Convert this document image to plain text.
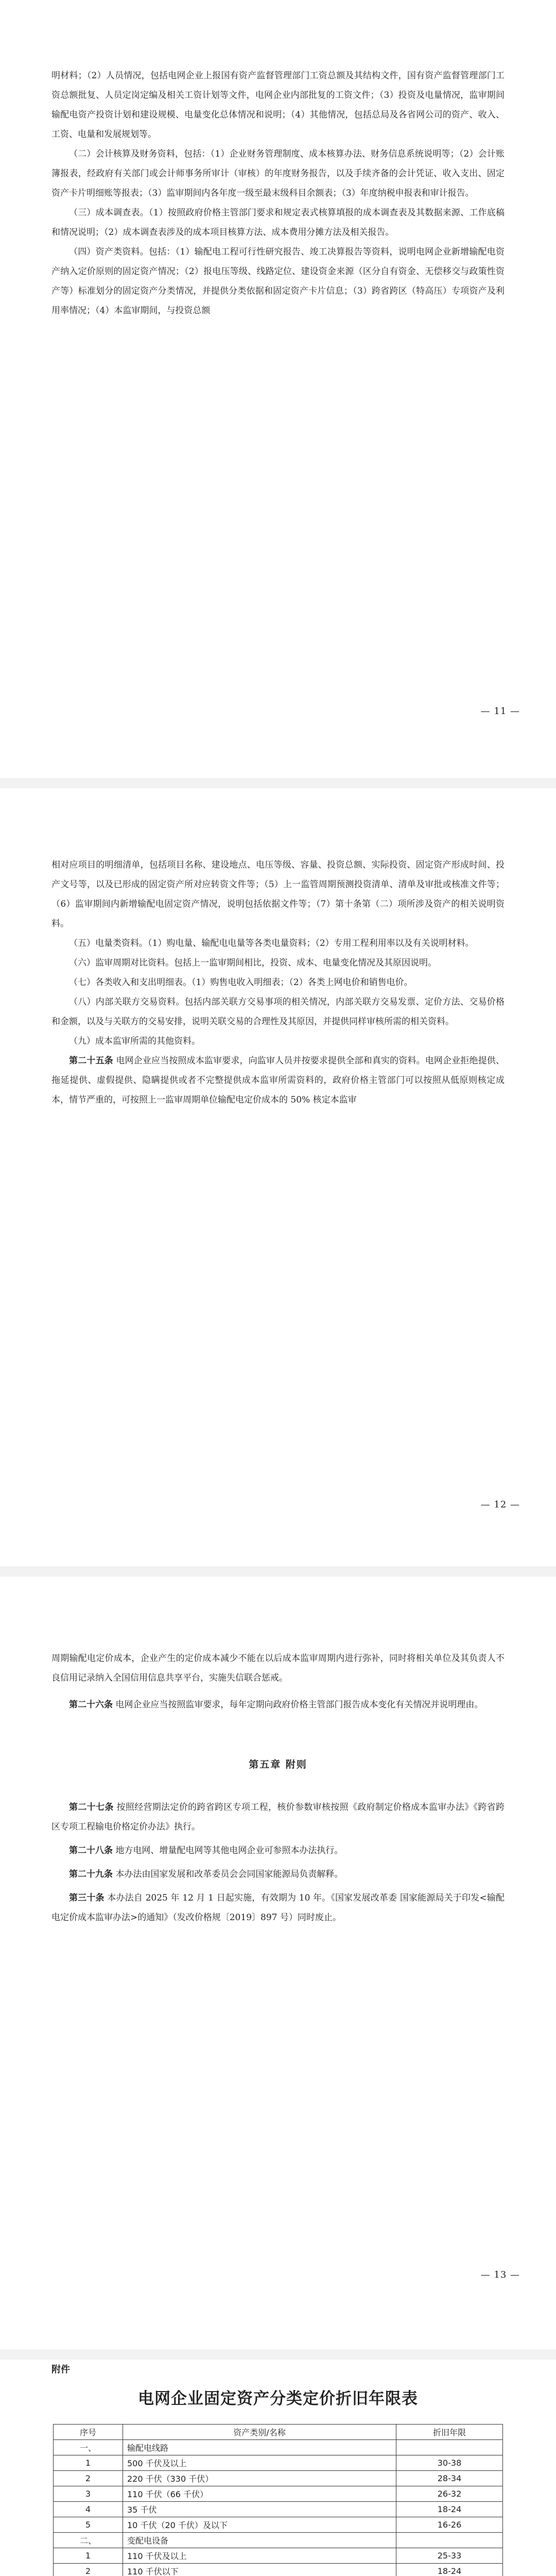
明材料；（2）人员情况，包括电网企业上报国有资产监督管理部门工资总额及其结构文件，国有资产监督管理部门工资总额批复、人员定岗定编及相关工资计划等文件，电网企业内部批复的工资文件；（3）投资及电量情况，监审期间输配电资产投资计划和建设规模、电量变化总体情况和说明；（4）其他情况，包括总局及各省网公司的资产、收入、工资、电量和发展规划等。

（二）会计核算及财务资料，包括：（1）企业财务管理制度、成本核算办法、财务信息系统说明等；（2）会计账簿报表，经政府有关部门或会计师事务所审计（审核）的年度财务报告，以及手续齐备的会计凭证、收入支出、固定资产卡片明细账等报表；（3）监审期间内各年度一级至最末级科目余额表；（3）年度纳税申报表和审计报告。

（三）成本调查表。（1）按照政府价格主管部门要求和规定表式核算填报的成本调查表及其数据来源、工作底稿和情况说明；（2）成本调查表涉及的成本项目核算方法、成本费用分摊方法及相关报告。

（四）资产类资料。包括：（1）输配电工程可行性研究报告、竣工决算报告等资料，说明电网企业新增输配电资产纳入定价原则的固定资产情况；（2）报电压等级、线路定位、建设资金来源（区分自有资金、无偿移交与政策性资产等）标准划分的固定资产分类情况，并提供分类依据和固定资产卡片信息；（3）跨省跨区（特高压）专项资产及利用率情况；（4）本监审期间，与投资总额

— 11 —

相对应项目的明细清单，包括项目名称、建设地点、电压等级、容量、投资总额、实际投资、固定资产形成时间、投产文号等，以及已形成的固定资产所对应转资文件等；（5）上一监管周期预测投资清单、清单及审批或核准文件等；（6）监审期间内新增输配电固定资产情况，说明包括依据文件等；（7）第十条第（二）项所涉及资产的相关说明资料。

（五）电量类资料。（1）购电量、输配电电量等各类电量资料；（2）专用工程利用率以及有关说明材料。

（六）监审周期对比资料。包括上一监审期间相比，投资、成本、电量变化情况及其原因说明。

（七）各类收入和支出明细表。（1）购售电收入明细表；（2）各类上网电价和销售电价。

（八）内部关联方交易资料。包括内部关联方交易事项的相关情况，内部关联方交易发票、定价方法、交易价格和金额，以及与关联方的交易安排，说明关联交易的合理性及其原因，并提供同样审核所需的相关资料。

（九）成本监审所需的其他资料。

第二十五条 电网企业应当按照成本监审要求，向监审人员并按要求提供全部和真实的资料。电网企业拒绝提供、拖延提供、虚假提供、隐瞒提供或者不完整提供成本监审所需资料的，政府价格主管部门可以按照从低原则核定成本，情节严重的，可按照上一监审周期单位输配电定价成本的 50% 核定本监审

— 12 —

周期输配电定价成本，企业产生的定价成本减少不能在以后成本监审周期内进行弥补，同时将相关单位及其负责人不良信用记录纳入全国信用信息共享平台，实施失信联合惩戒。

第二十六条 电网企业应当按照监审要求，每年定期向政府价格主管部门报告成本变化有关情况并说明理由。

第五章 附则

第二十七条 按照经营期法定价的跨省跨区专项工程，核价参数审核按照《政府制定价格成本监审办法》《跨省跨区专项工程输电价格定价办法》执行。

第二十八条 地方电网、增量配电网等其他电网企业可参照本办法执行。

第二十九条 本办法由国家发展和改革委员会会同国家能源局负责解释。

第三十条 本办法自 2025 年 12 月 1 日起实施，有效期为 10 年。《国家发展改革委 国家能源局关于印发<输配电定价成本监审办法>的通知》（发改价格规〔2019〕897 号）同时废止。

— 13 —
附件
电网企业固定资产分类定价折旧年限表
序号	资产类别/名称	折旧年限
一、	输配电线路	
1	500 千伏及以上	30-38
2	220 千伏（330 千伏）	28-34
3	110 千伏（66 千伏）	26-32
4	35 千伏	18-24
5	10 千伏（20 千伏）及以下	16-26
二、	变配电设备	
1	110 千伏及以上	25-33
2	110 千伏以下	18-24
